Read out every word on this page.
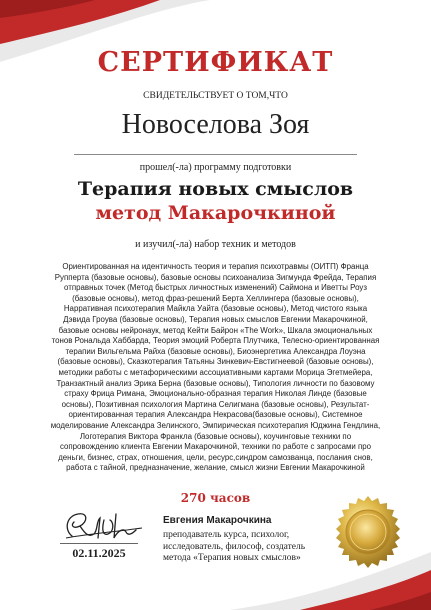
СЕРТИФИКАТ
СВИДЕТЕЛЬСТВУЕТ О ТОМ,ЧТО
Новоселова Зоя
прошел(-ла) программу подготовки
Терапия новых смыслов
метод Макарочкиной
и изучил(-ла) набор техник и методов
Ориентированная на идентичность теория и терапия психотравмы (ОИТП) Франца
Рупперта (базовые основы), базовые основы психоанализа Зигмунда Фрейда, Терапия
отправных точек (Метод быстрых личностных изменений) Саймона и Иветты Роуз
(базовые основы), метод фраз-решений Берта Хеллингера (базовые основы),
Нарративная психотерапия Майкла Уайта (базовые основы), Метод чистого языка
Дэвида Гроува (базовые основы), Терапия новых смыслов Евгении Макарочкиной,
базовые основы нейронаук, метод Кейти Байрон «The Work», Шкала эмоциональных
тонов Рональда Хаббарда, Теория эмоций Роберта Плутчика, Телесно-ориентированная
терапии Вильгельма Райха (базовые основы), Биоэнергетика Александра Лоуэна
(базовые основы), Сказкотерапия Татьяны Зинкевич-Евстигнеевой (базовые основы),
методики работы с метафорическими ассоциативными картами Морица Эгетмейера,
Транзактный анализ Эрика Берна (базовые основы), Типология личности по базовому
страху Фрица Римана, Эмоционально-образная терапия Николая Линде (базовые
основы), Позитивная психология Мартина Селигмана (базовые основы), Результат-
ориентированная терапия Александра Некрасова(базовые основы), Системное
моделирование Александра Зелинского, Эмпирическая психотерапия Юджина Гендлина,
Логотерапия Виктора Франкла (базовые основы), коучинговые техники по
сопровождению клиента Евгении Макарочкиной, техники по работе с запросами про
деньги, бизнес, страх, отношения, цели, ресурс,синдром самозванца, послания снов,
работа с тайной, предназначение, желание, смысл жизни Евгении Макарочкиной
270 часов
02.11.2025
Евгения Макарочкина
преподаватель курса, психолог,
исследователь, философ, создатель
метода «Терапия новых смыслов»
